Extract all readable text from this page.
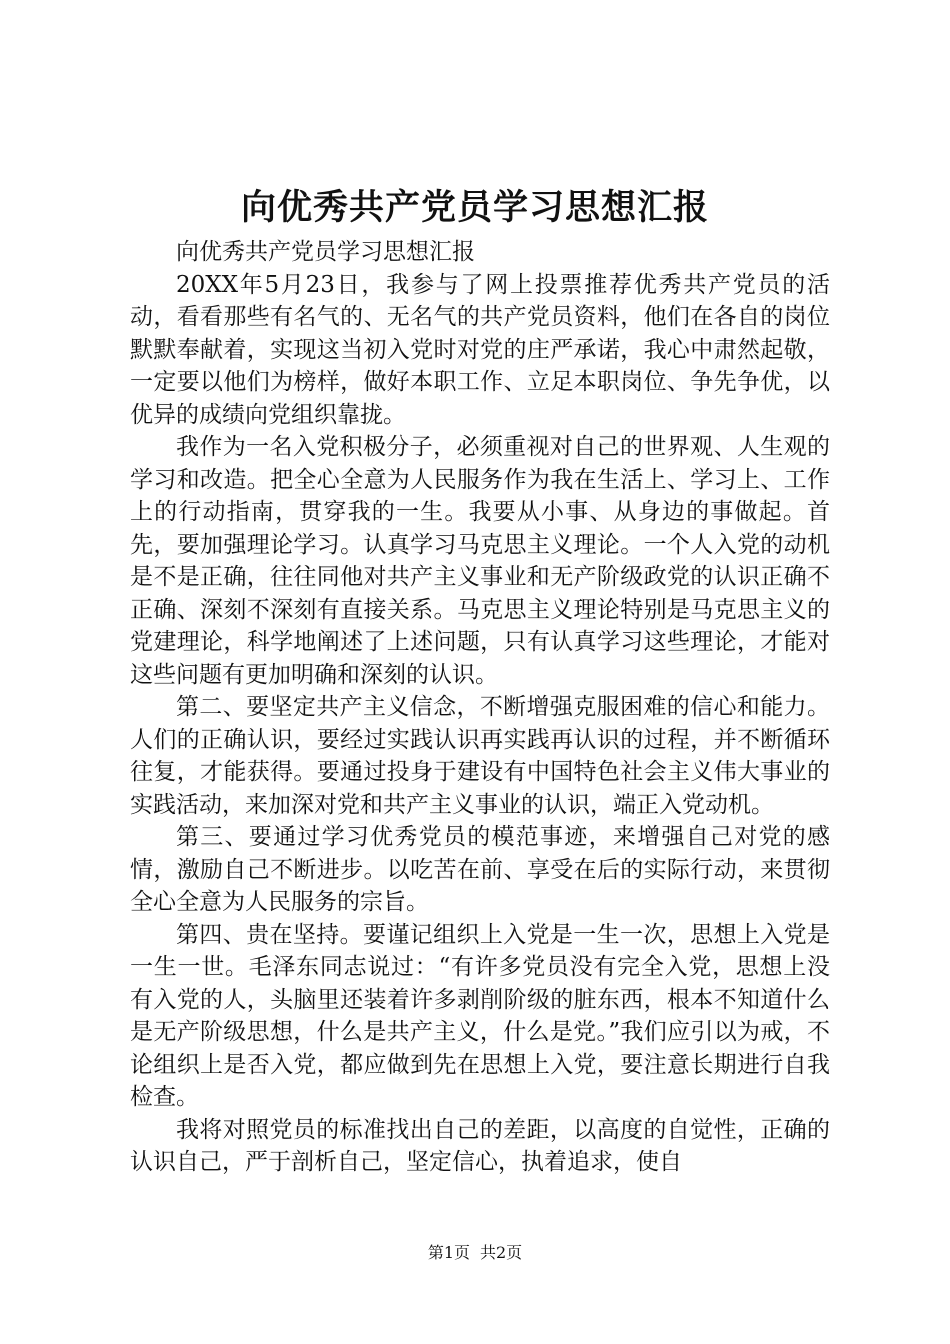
向优秀共产党员学习思想汇报

向优秀共产党员学习思想汇报

20XX年5月23日，我参与了网上投票推荐优秀共产党员的活动，看看那些有名气的、无名气的共产党员资料，他们在各自的岗位默默奉献着，实现这当初入党时对党的庄严承诺，我心中肃然起敬，一定要以他们为榜样，做好本职工作、立足本职岗位、争先争优，以优异的成绩向党组织靠拢。

我作为一名入党积极分子，必须重视对自己的世界观、人生观的学习和改造。把全心全意为人民服务作为我在生活上、学习上、工作上的行动指南，贯穿我的一生。我要从小事、从身边的事做起。首先，要加强理论学习。认真学习马克思主义理论。一个人入党的动机是不是正确，往往同他对共产主义事业和无产阶级政党的认识正确不正确、深刻不深刻有直接关系。马克思主义理论特别是马克思主义的党建理论，科学地阐述了上述问题，只有认真学习这些理论，才能对这些问题有更加明确和深刻的认识。

第二、要坚定共产主义信念，不断增强克服困难的信心和能力。人们的正确认识，要经过实践认识再实践再认识的过程，并不断循环往复，才能获得。要通过投身于建设有中国特色社会主义伟大事业的实践活动，来加深对党和共产主义事业的认识，端正入党动机。

第三、要通过学习优秀党员的模范事迹，来增强自己对党的感情，激励自己不断进步。以吃苦在前、享受在后的实际行动，来贯彻全心全意为人民服务的宗旨。

第四、贵在坚持。要谨记组织上入党是一生一次，思想上入党是一生一世。毛泽东同志说过：“有许多党员没有完全入党，思想上没有入党的人，头脑里还装着许多剥削阶级的脏东西，根本不知道什么是无产阶级思想，什么是共产主义，什么是党。”我们应引以为戒，不论组织上是否入党，都应做到先在思想上入党，要注意长期进行自我检查。

我将对照党员的标准找出自己的差距，以高度的自觉性，正确的认识自己，严于剖析自己，坚定信心，执着追求，使自

第1页 共2页
